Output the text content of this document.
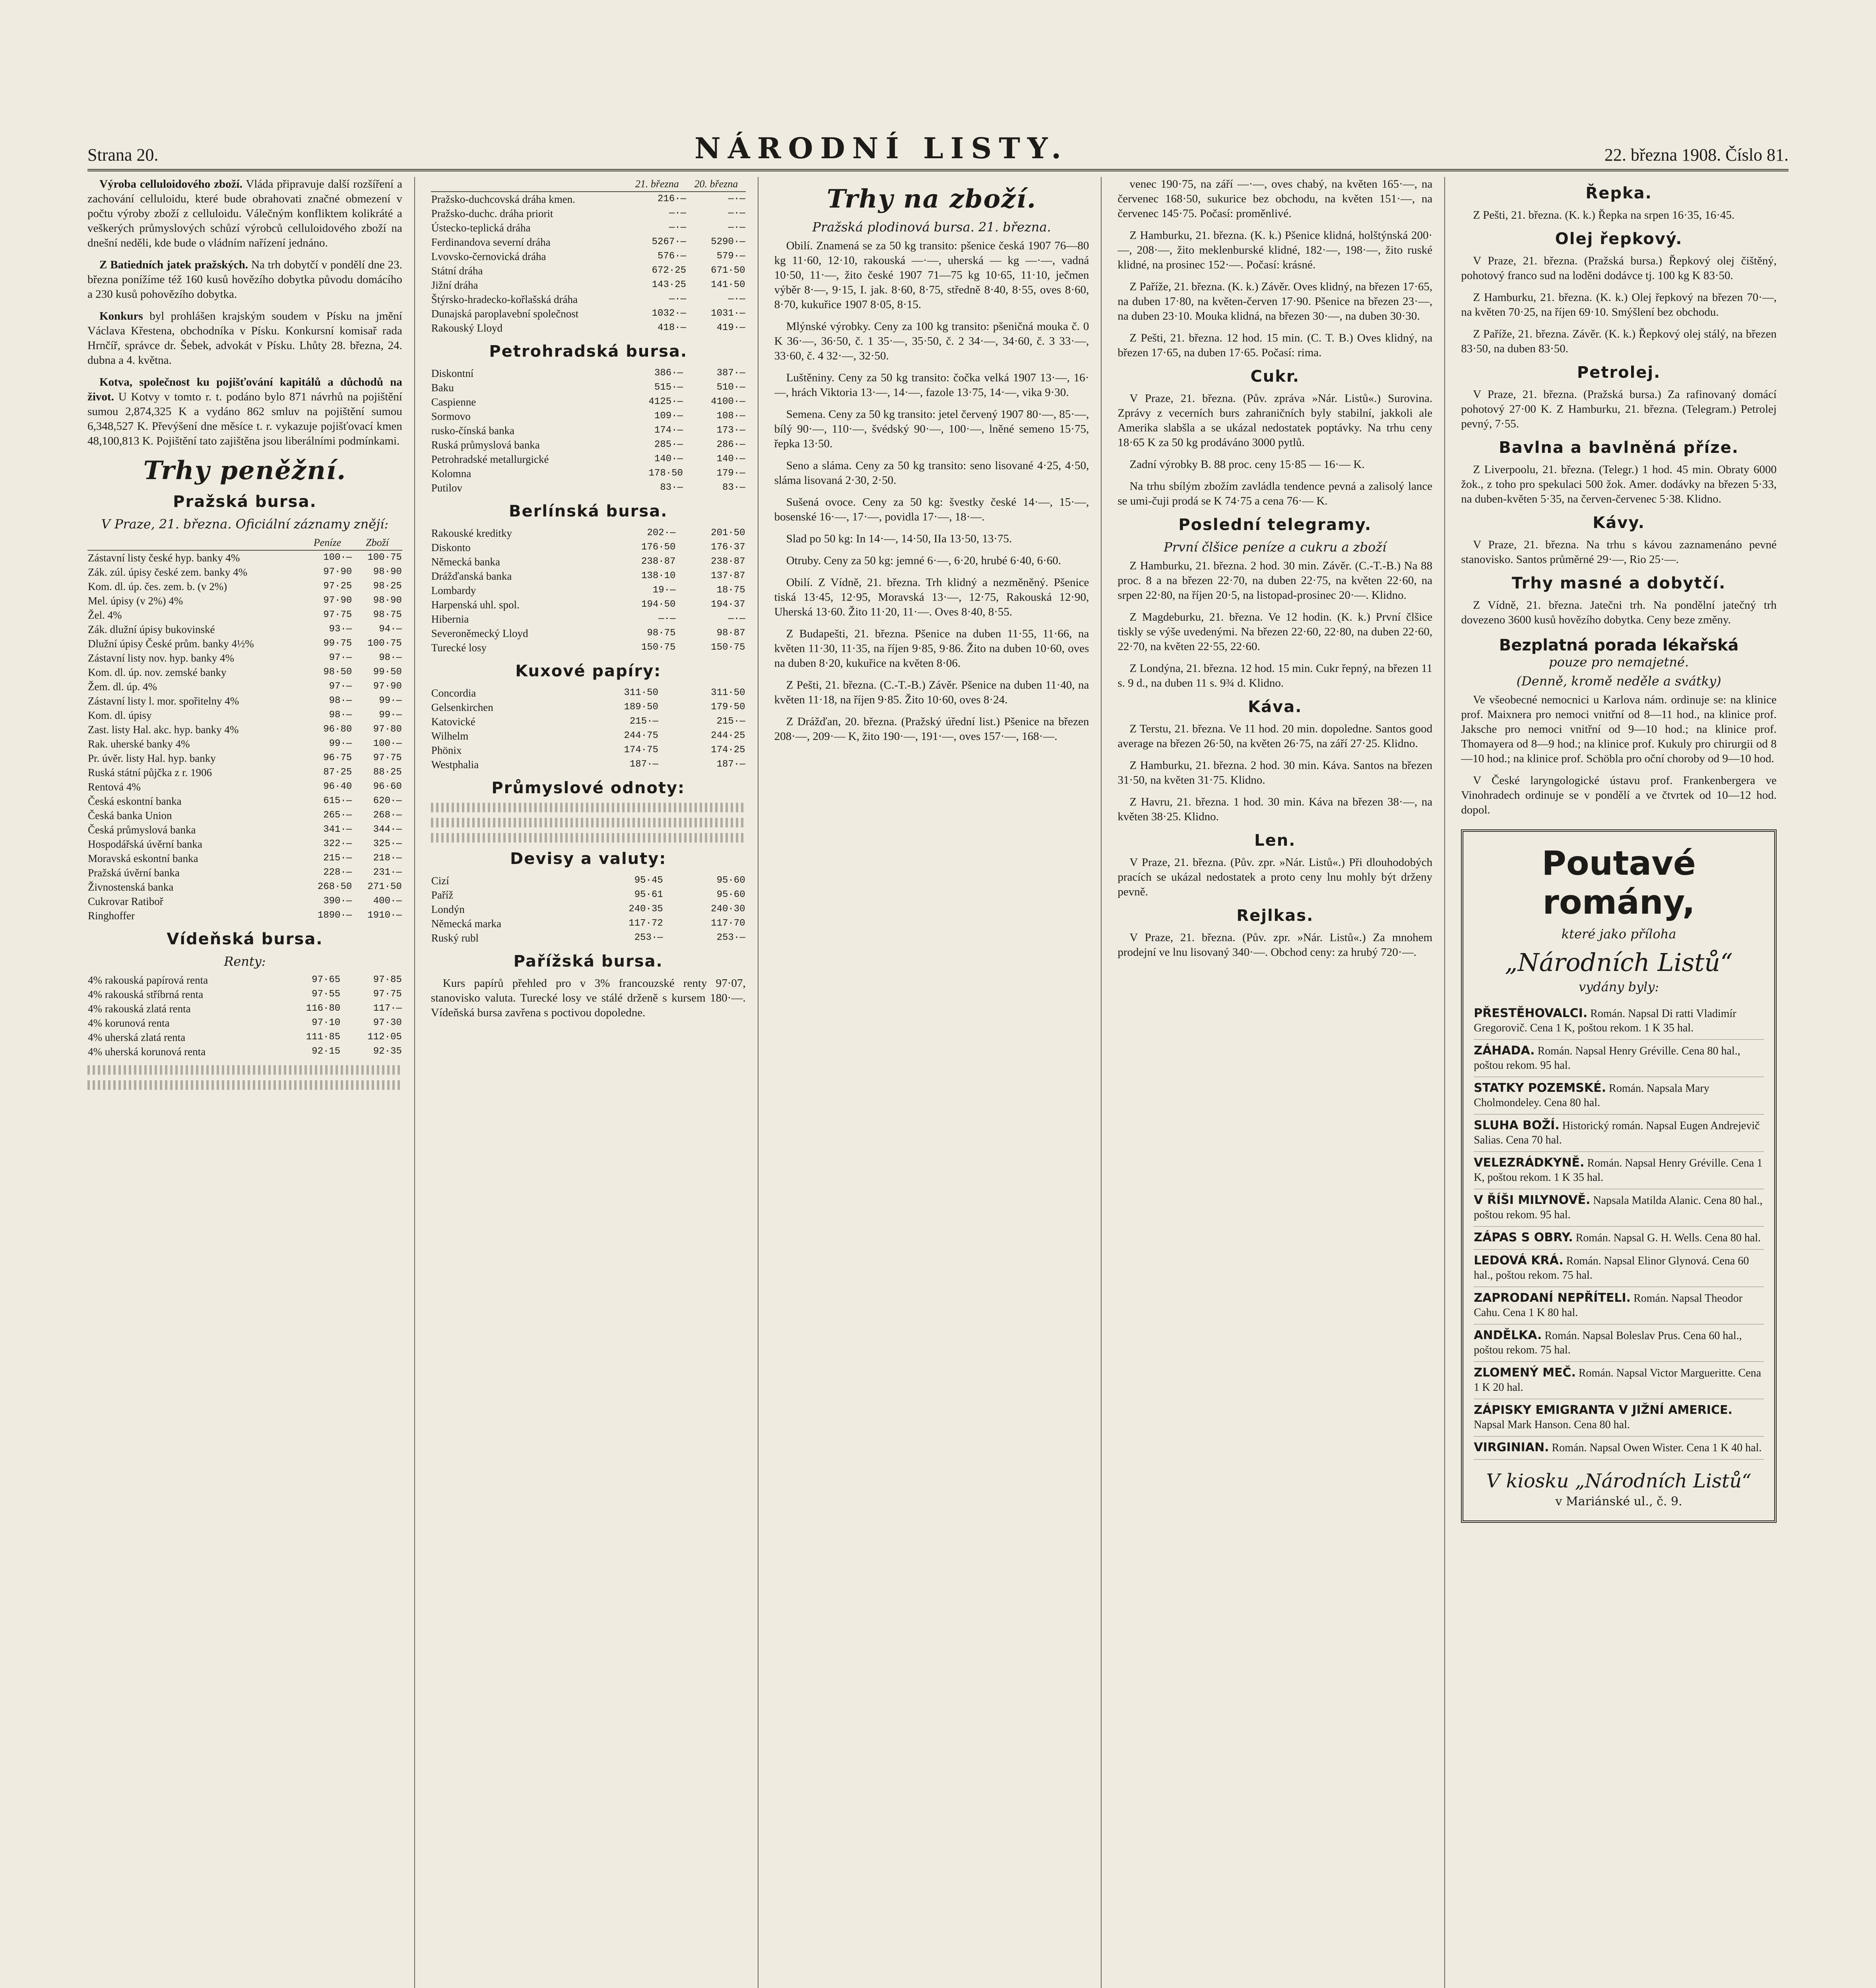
Strana 20.	NÁRODNÍ LISTY.	22. března 1908. Číslo 81.

Výroba celluloidového zboží. Vláda připravuje další rozšíření a zachování celluloidu, které bude obrahovati značné obmezení v počtu výroby zboží z celluloidu. Válečným konfliktem kolikráté a veškerých průmyslových schůzí výrobců celluloidového zboží na dnešní neděli, kde bude o vládním nařízení jednáno.

Z Batiedních jatek pražských. Na trh dobytčí v pondělí dne 23. března ponížíme též 160 kusů hovězího dobytka původu domácího a 230 kusů pohovězího dobytka.

Konkurs byl prohlášen krajským soudem v Písku na jmění Václava Křestena, obchodníka v Písku. Konkursní komisař rada Hrnčíř, správce dr. Šebek, advokát v Písku. Lhůty 28. března, 24. dubna a 4. května.

Kotva, společnost ku pojišťování kapitálů a důchodů na život. U Kotvy v tomto r. t. podáno bylo 871 návrhů na pojištění sumou 2,874,325 K a vydáno 862 smluv na pojištění sumou 6,348,527 K. Převýšení dne měsíce t. r. vykazuje pojišťovací kmen 48,100,813 K. Pojištění tato zajištěna jsou liberálními podmínkami.

Trhy peněžní.
Pražská bursa.
V Praze, 21. března. Oficiální záznamy znějí:
	Peníze	Zboží
Zástavní listy české hyp. banky 4%	100·—	100·75
Zák. zúl. úpisy české zem. banky 4%	97·90	98·90
Kom. dl. úp. čes. zem. b. (v 2%)	97·25	98·25
Mel. úpisy (v 2%) 4%	97·90	98·90
Žel. 4%	97·75	98·75
Zák. dlužní úpisy bukovinské	93·—	94·—
Dlužní úpisy České prům. banky 4½%	99·75	100·75
Zástavní listy nov. hyp. banky 4%	97·—	98·—
Kom. dl. úp. nov. zemské banky	98·50	99·50
Žem. dl. úp. 4%	97·—	97·90
Zástavní listy l. mor. spořitelny 4%	98·—	99·—
Kom. dl. úpisy	98·—	99·—
Zast. listy Hal. akc. hyp. banky 4%	96·80	97·80
Rak. uherské banky 4%	99·—	100·—
Pr. úvěr. listy Hal. hyp. banky	96·75	97·75
Ruská státní půjčka z r. 1906	87·25	88·25
Rentová 4%	96·40	96·60
Česká eskontní banka	615·—	620·—
Česká banka Union	265·—	268·—
Česká průmyslová banka	341·—	344·—
Hospodářská úvěrní banka	322·—	325·—
Moravská eskontní banka	215·—	218·—
Pražská úvěrní banka	228·—	231·—
Živnostenská banka	268·50	271·50
Cukrovar Ratiboř	390·—	400·—
Ringhoffer	1890·—	1910·—
Vídeňská bursa.
Renty:
4% rakouská papírová renta	97·65	97·85
4% rakouská stříbrná renta	97·55	97·75
4% rakouská zlatá renta	116·80	117·—
4% korunová renta	97·10	97·30
4% uherská zlatá renta	111·85	112·05
4% uherská korunová renta	92·15	92·35
	21. března	20. března
Pražsko-duchcovská dráha kmen.	216·—	—·—
Pražsko-duchc. dráha priorit	—·—	—·—
Ústecko-teplická dráha	—·—	—·—
Ferdinandova severní dráha	5267·—	5290·—
Lvovsko-černovická dráha	576·—	579·—
Státní dráha	672·25	671·50
Jižní dráha	143·25	141·50
Štýrsko-hradecko-kořlašská dráha	—·—	—·—
Dunajská paroplavební společnost	1032·—	1031·—
Rakouský Lloyd	418·—	419·—
Petrohradská bursa.
Diskontní	386·—	387·—
Baku	515·—	510·—
Caspienne	4125·—	4100·—
Sormovo	109·—	108·—
rusko-čínská banka	174·—	173·—
Ruská průmyslová banka	285·—	286·—
Petrohradské metallurgické	140·—	140·—
Kolomna	178·50	179·—
Putilov	83·—	83·—
Berlínská bursa.
Rakouské kreditky	202·—	201·50
Diskonto	176·50	176·37
Německá banka	238·87	238·87
Drážďanská banka	138·10	137·87
Lombardy	19·—	18·75
Harpenská uhl. spol.	194·50	194·37
Hibernia	—·—	—·—
Severoněmecký Lloyd	98·75	98·87
Turecké losy	150·75	150·75
Kuxové papíry:
Concordia	311·50	311·50
Gelsenkirchen	189·50	179·50
Katovické	215·—	215·—
Wilhelm	244·75	244·25
Phönix	174·75	174·25
Westphalia	187·—	187·—
Průmyslové odnoty:
Devisy a valuty:
Cizí	95·45	95·60
Paříž	95·61	95·60
Londýn	240·35	240·30
Německá marka	117·72	117·70
Ruský rubl	253·—	253·—
Pařížská bursa.

Kurs papírů přehled pro v 3% francouzské renty 97·07, stanovisko valuta. Turecké losy ve stálé drženě s kursem 180·—. Vídeňská bursa zavřena s poctivou dopoledne.

Trhy na zboží.
Pražská plodinová bursa. 21. března.

Obilí. Znamená se za 50 kg transito: pšenice česká 1907 76—80 kg 11·60, 12·10, rakouská —·—, uherská — kg —·—, vadná 10·50, 11·—, žito české 1907 71—75 kg 10·65, 11·10, ječmen výběr 8·—, 9·15, I. jak. 8·60, 8·75, středně 8·40, 8·55, oves 8·60, 8·70, kukuřice 1907 8·05, 8·15.

Mlýnské výrobky. Ceny za 100 kg transito: pšeničná mouka č. 0 K 36·—, 36·50, č. 1 35·—, 35·50, č. 2 34·—, 34·60, č. 3 33·—, 33·60, č. 4 32·—, 32·50.

Luštěniny. Ceny za 50 kg transito: čočka velká 1907 13·—, 16·—, hrách Viktoria 13·—, 14·—, fazole 13·75, 14·—, vika 9·30.

Semena. Ceny za 50 kg transito: jetel červený 1907 80·—, 85·—, bílý 90·—, 110·—, švédský 90·—, 100·—, lněné semeno 15·75, řepka 13·50.

Seno a sláma. Ceny za 50 kg transito: seno lisované 4·25, 4·50, sláma lisovaná 2·30, 2·50.

Sušená ovoce. Ceny za 50 kg: švestky české 14·—, 15·—, bosenské 16·—, 17·—, povidla 17·—, 18·—.

Slad po 50 kg: In 14·—, 14·50, IIa 13·50, 13·75.

Otruby. Ceny za 50 kg: jemné 6·—, 6·20, hrubé 6·40, 6·60.

Obilí. Z Vídně, 21. března. Trh klidný a nezměněný. Pšenice tiská 13·45, 12·95, Moravská 13·—, 12·75, Rakouská 12·90, Uherská 13·60. Žito 11·20, 11·—. Oves 8·40, 8·55.

Z Budapešti, 21. března. Pšenice na duben 11·55, 11·66, na květen 11·30, 11·35, na říjen 9·85, 9·86. Žito na duben 10·60, oves na duben 8·20, kukuřice na květen 8·06.

Z Pešti, 21. března. (C.-T.-B.) Závěr. Pšenice na duben 11·40, na květen 11·18, na říjen 9·85. Žito 10·60, oves 8·24.

Z Drážďan, 20. března. (Pražský úřední list.) Pšenice na březen 208·—, 209·— K, žito 190·—, 191·—, oves 157·—, 168·—.

venec 190·75, na září —·—, oves chabý, na květen 165·—, na červenec 168·50, sukurice bez obchodu, na květen 151·—, na červenec 145·75. Počasí: proměnlivé.

Z Hamburku, 21. března. (K. k.) Pšenice klidná, holštýnská 200·—, 208·—, žito meklenburské klidné, 182·—, 198·—, žito ruské klidné, na prosinec 152·—. Počasí: krásné.

Z Paříže, 21. března. (K. k.) Závěr. Oves klidný, na březen 17·65, na duben 17·80, na květen-červen 17·90. Pšenice na březen 23·—, na duben 23·10. Mouka klidná, na březen 30·—, na duben 30·30.

Z Pešti, 21. března. 12 hod. 15 min. (C. T. B.) Oves klidný, na březen 17·65, na duben 17·65. Počasí: rima.

Cukr.

V Praze, 21. března. (Pův. zpráva »Nár. Listů«.) Surovina. Zprávy z vecerních burs zahraničních byly stabilní, jakkoli ale Amerika slabšla a se ukázal nedostatek poptávky. Na trhu ceny 18·65 K za 50 kg prodáváno 3000 pytlů.

Zadní výrobky B. 88 proc. ceny 15·85 — 16·— K.

Na trhu sbílým zbožím zavládla tendence pevná a zalisolý lance se umi-čuji prodá se K 74·75 a cena 76·— K.

Poslední telegramy.
První člšice peníze a cukru a zboží

Z Hamburku, 21. března. 2 hod. 30 min. Závěr. (C.-T.-B.) Na 88 proc. 8 a na březen 22·70, na duben 22·75, na květen 22·60, na srpen 22·80, na říjen 20·5, na listopad-prosinec 20·—. Klidno.

Z Magdeburku, 21. března. Ve 12 hodin. (K. k.) První člšice tiskly se výše uvedenými. Na březen 22·60, 22·80, na duben 22·60, 22·70, na květen 22·55, 22·60.

Z Londýna, 21. března. 12 hod. 15 min. Cukr řepný, na březen 11 s. 9 d., na duben 11 s. 9¾ d. Klidno.

Káva.

Z Terstu, 21. března. Ve 11 hod. 20 min. dopoledne. Santos good average na březen 26·50, na květen 26·75, na září 27·25. Klidno.

Z Hamburku, 21. března. 2 hod. 30 min. Káva. Santos na březen 31·50, na květen 31·75. Klidno.

Z Havru, 21. března. 1 hod. 30 min. Káva na březen 38·—, na květen 38·25. Klidno.

Len.

V Praze, 21. března. (Pův. zpr. »Nár. Listů«.) Při dlouhodobých pracích se ukázal nedostatek a proto ceny lnu mohly být drženy pevně.

Rejlkas.

V Praze, 21. března. (Pův. zpr. »Nár. Listů«.) Za mnohem prodejní ve lnu lisovaný 340·—. Obchod ceny: za hrubý 720·—.

Řepka.

Z Pešti, 21. března. (K. k.) Řepka na srpen 16·35, 16·45.

Olej řepkový.

V Praze, 21. března. (Pražská bursa.) Řepkový olej čištěný, pohotový franco sud na loděni dodávce tj. 100 kg K 83·50.

Z Hamburku, 21. března. (K. k.) Olej řepkový na březen 70·—, na květen 70·25, na říjen 69·10. Smýšlení bez obchodu.

Z Paříže, 21. března. Závěr. (K. k.) Řepkový olej stálý, na březen 83·50, na duben 83·50.

Petrolej.

V Praze, 21. března. (Pražská bursa.) Za rafinovaný domácí pohotový 27·00 K. Z Hamburku, 21. března. (Telegram.) Petrolej pevný, 7·55.

Bavlna a bavlněná příze.

Z Liverpoolu, 21. března. (Telegr.) 1 hod. 45 min. Obraty 6000 žok., z toho pro spekulaci 500 žok. Amer. dodávky na březen 5·33, na duben-květen 5·35, na červen-červenec 5·38. Klidno.

Kávy.

V Praze, 21. března. Na trhu s kávou zaznamenáno pevné stanovisko. Santos průměrné 29·—, Rio 25·—.

Trhy masné a dobytčí.

Z Vídně, 21. března. Jatečni trh. Na pondělní jatečný trh dovezeno 3600 kusů hovězího dobytka. Ceny beze změny.

Bezplatná porada lékařská
pouze pro nemajetné.
(Denně, kromě neděle a svátky)

Ve všeobecné nemocnici u Karlova nám. ordinuje se: na klinice prof. Maixnera pro nemoci vnitřní od 8—11 hod., na klinice prof. Jaksche pro nemoci vnitřní od 9—10 hod.; na klinice prof. Thomayera od 8—9 hod.; na klinice prof. Kukuly pro chirurgii od 8—10 hod.; na klinice prof. Schöbla pro oční choroby od 9—10 hod.

V České laryngologické ústavu prof. Frankenbergera ve Vinohradech ordinuje se v pondělí a ve čtvrtek od 10—12 hod. dopol.

Poutavé romány,
které jako příloha
„Národních Listů“
vydány byly:
PŘESTĚHOVALCI. Román. Napsal Di ratti Vladimír Gregorovič. Cena 1 K, poštou rekom. 1 K 35 hal.
ZÁHADA. Román. Napsal Henry Gréville. Cena 80 hal., poštou rekom. 95 hal.
STATKY POZEMSKÉ. Román. Napsala Mary Cholmondeley. Cena 80 hal.
SLUHA BOŽÍ. Historický román. Napsal Eugen Andrejevič Salias. Cena 70 hal.
VELEZRÁDKYNĚ. Román. Napsal Henry Gréville. Cena 1 K, poštou rekom. 1 K 35 hal.
V ŘÍŠI MILYNOVĚ. Napsala Matilda Alanic. Cena 80 hal., poštou rekom. 95 hal.
ZÁPAS S OBRY. Román. Napsal G. H. Wells. Cena 80 hal.
LEDOVÁ KRÁ. Román. Napsal Elinor Glynová. Cena 60 hal., poštou rekom. 75 hal.
ZAPRODANÍ NEPŘÍTELI. Román. Napsal Theodor Cahu. Cena 1 K 80 hal.
ANDĚLKA. Román. Napsal Boleslav Prus. Cena 60 hal., poštou rekom. 75 hal.
ZLOMENÝ MEČ. Román. Napsal Victor Margueritte. Cena 1 K 20 hal.
ZÁPISKY EMIGRANTA V JIŽNÍ AMERICE. Napsal Mark Hanson. Cena 80 hal.
VIRGINIAN. Román. Napsal Owen Wister. Cena 1 K 40 hal.
V kiosku „Národních Listů“
v Mariánské ul., č. 9.
